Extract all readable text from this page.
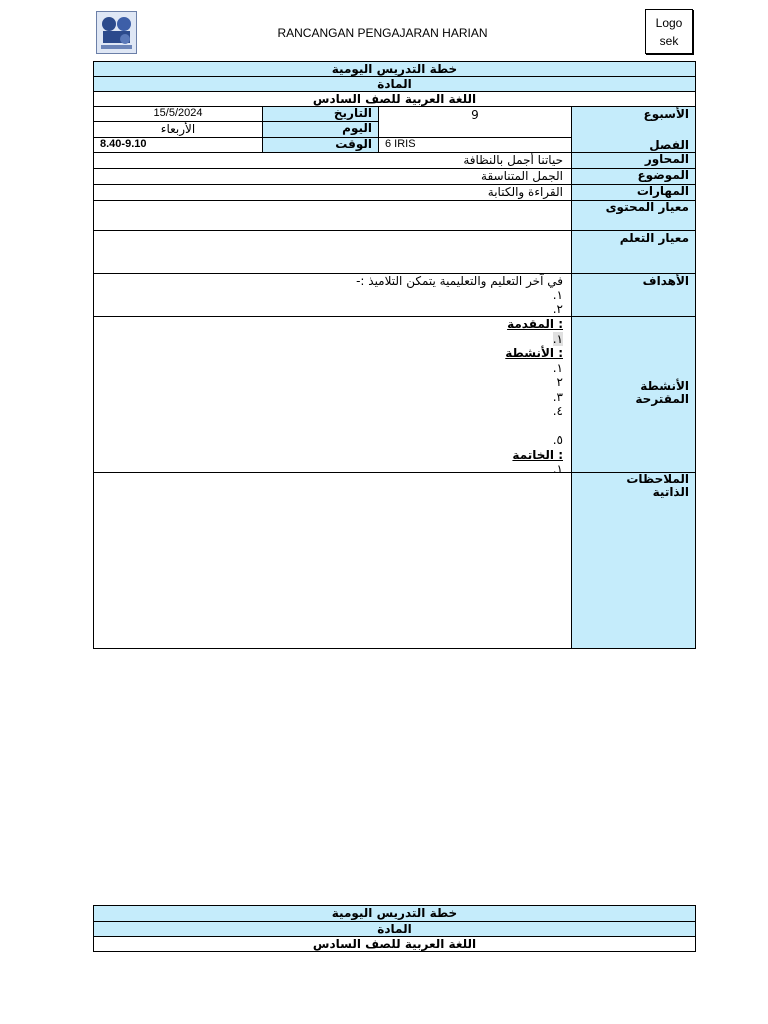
RANCANGAN PENGAJARAN HARIAN
Logo sek
خطة التدريس اليومية
المادة
اللغة العربية للصف السادس
الأسبوع
9
التاريخ
15/5/2024
اليوم
الأربعاء
الوقت
8.40-9.10	6 IRIS	الفصل
المحاور
حياتنا أجمل بالنظافة
الموضوع
الجمل المتناسقة
المهارات
القراءة والكتابة
معيار المحتوى
معيار التعلم
الأهداف
في آخر التعليم والتعليمية يتمكن التلاميذ :-
١.
٢.
الأنشطة
المقترحة
: المقدمة
١.
: الأنشطة
١.
٢
٣.
٤.

٥.
: الخاتمة
١.
الملاحظات
الذاتية
خطة التدريس اليومية
المادة
اللغة العربية للصف السادس
